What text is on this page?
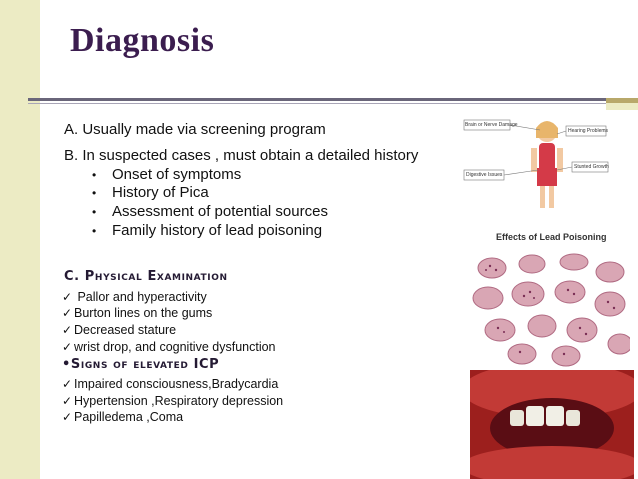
Diagnosis
A. Usually made via screening program
B. In suspected cases , must obtain a detailed history
• Onset of symptoms
• History of Pica
• Assessment of potential sources
• Family history of lead poisoning
C. Physical Examination
✓ Pallor and hyperactivity
✓ Burton lines on the gums
✓ Decreased stature
✓ wrist drop, and cognitive dysfunction
•Signs of elevated ICP
✓ Impaired consciousness,Bradycardia
✓ Hypertension ,Respiratory depression
✓ Papilledema ,Coma
Brain or Nerve Damage
Hearing Problems
Digestive Issues
Stunted Growth
Effects of Lead Poisoning
